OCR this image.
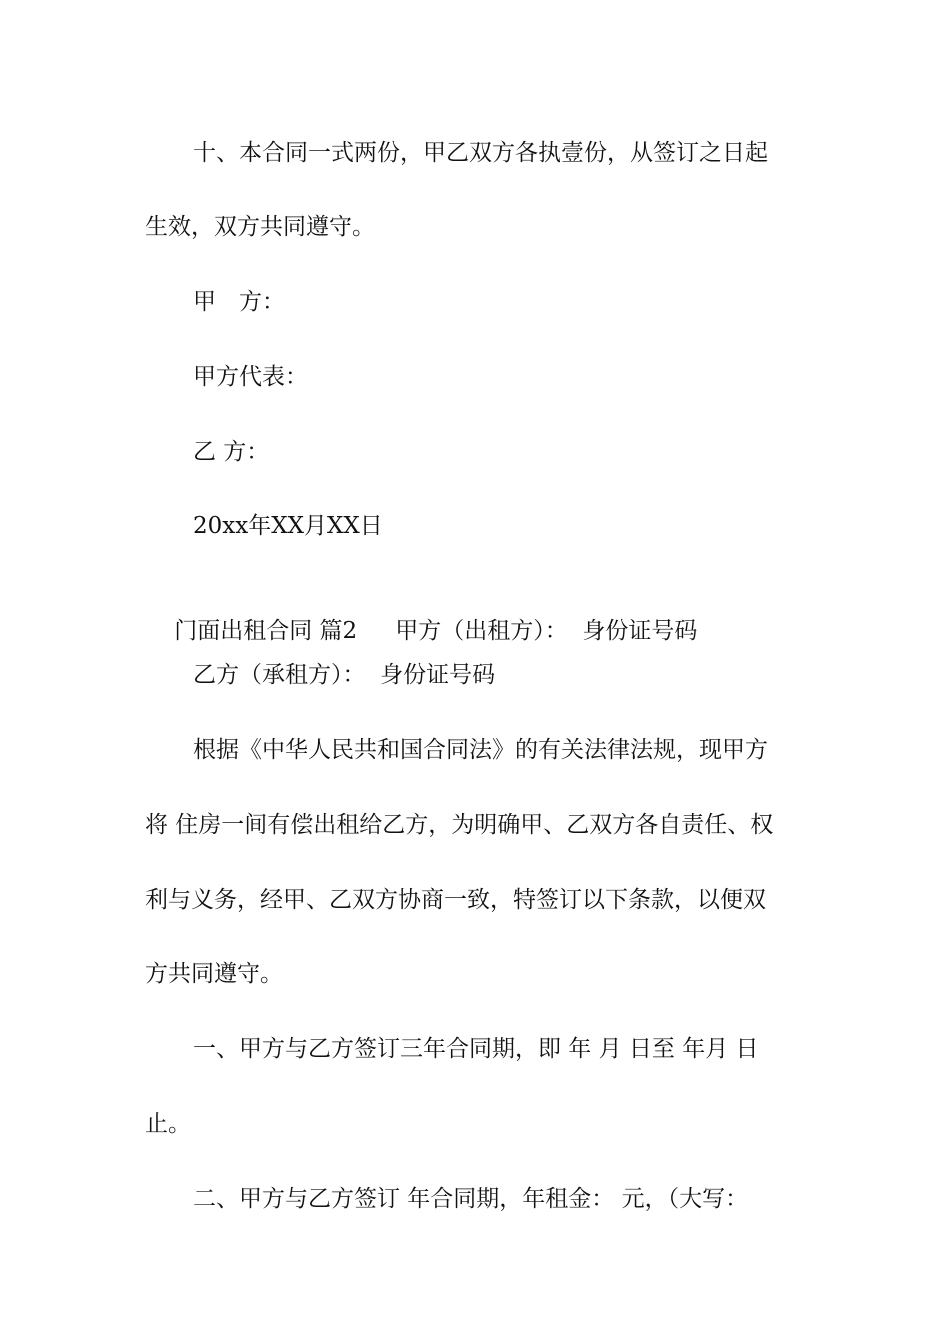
十、本合同一式两份，甲乙双方各执壹份，从签订之日起
生效，双方共同遵守。
甲　方：
甲方代表：
乙 方：
20xx年XX月XX日

门面出租合同 篇2 甲方（出租方）：  身份证号码

乙方（承租方）：  身份证号码
根据《中华人民共和国合同法》的有关法律法规，现甲方
将 住房一间有偿出租给乙方，为明确甲、乙双方各自责任、权
利与义务，经甲、乙双方协商一致，特签订以下条款，以便双
方共同遵守。
一、甲方与乙方签订三年合同期，即 年 月 日至 年月 日
止。
二、甲方与乙方签订 年合同期，年租金： 元，（大写：
